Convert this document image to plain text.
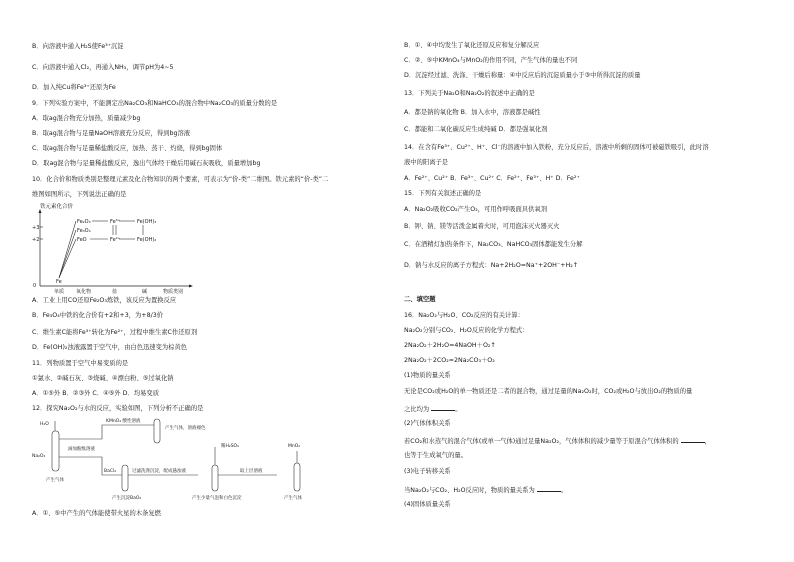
B．向溶液中通入H₂S使Fe³⁺沉淀
C．向溶液中通入Cl₂，再通入NH₃，调节pH为4~5
D．加入纯Cu将Fe³⁺还原为Fe
9．下列实验方案中，不能测定出Na₂CO₃和NaHCO₃的混合物中Na₂CO₃的质量分数的是
A．取ag混合物充分加热，质量减少bg
B．取ag混合物与足量NaOH溶液充分反应，得到bg溶液
C．取ag混合物与足量稀盐酸反应，加热、蒸干、灼烧，得到bg固体
D．取ag混合物与足量稀盐酸反应，逸出气体经干燥后用碱石灰吸收，质量增加bg
10．化合价和物质类别是整理元素及化合物知识的两个要素，可表示为“价-类”二维图。铁元素的“价-类”二
维图如图所示，下列说法正确的是
铁元素化合价
+3
+2
0
Fe₂O₃
Fe₃O₄
FeO
Fe³⁺
Fe²⁺
Fe(OH)₃
Fe(OH)₂
Fe
单质 氧化物	盐	碱	物质类别
A．工业上用CO还原Fe₂O₃炼铁，该反应为置换反应
B．Fe₃O₄中铁的化合价有+2和+3，为+8/3价
C．维生素C能将Fe³⁺转化为Fe²⁺，过程中维生素C作还原剂
D．Fe(OH)₂浊液露置于空气中，由白色迅速变为棕黄色
11．列物质置于空气中易变质的是
①氯水、②碱石灰、③烧碱、④漂白粉、⑤过氧化钠
A．①⑤外 B．②③外 C．④⑤外 D．均易变质
12．探究Na₂O₂与水的反应，实验如图，下列分析不正确的是
H₂O
Na₂O₂
产生气体
KMnO₄ 酸性溶液
产生气体，溶液褪色
滴加酚酞溶液
BaCl₂	过滤洗涤沉淀，配成悬浊液
产生沉淀BaO₂
稀H₂SO₄
产生少量气泡和白色沉淀
取上层溶液
MnO₂
产生气体
A．①、⑤中产生的气体能使带火星的木条复燃
B．①、④中均发生了氧化还原反应和复分解反应
C．②、⑤中KMnO₄与MnO₂的作用不同，产生气体的量也不同
D．沉淀经过滤、洗涤、干燥后称量：④中反应后的沉淀质量小于③中所得沉淀的质量
13．下列关于Na₂O和Na₂O₂的叙述中正确的是
A．都是钠的氧化物 B．加入水中，溶液都是碱性
C．都能和二氧化碳反应生成纯碱 D．都是强氧化剂
14．在含有Fe³⁺、Cu²⁺、H⁺、Cl⁻的溶液中加入铁粉，充分反应后，溶液中所剩的固体可被磁铁吸引，此时溶
液中的阳离子是
A．Fe²⁺、Cu²⁺ B．Fe³⁺、Cu²⁺ C．Fe²⁺、Fe³⁺、H⁺ D．Fe²⁺
15．下列有关叙述正确的是
A．Na₂O₂吸收CO₂产生O₂，可用作呼吸面具供氧剂
B．钾、钠、镁等活泼金属着火时，可用泡沫灭火器灭火
C．在酒精灯加热条件下，Na₂CO₃、NaHCO₃固体都能发生分解
D．钠与水反应的离子方程式：Na+2H₂O=Na⁺+2OH⁻+H₂↑
二、填空题
16．Na₂O₂与H₂O、CO₂反应的有关计算：
Na₂O₂分别与CO₂、H₂O反应的化学方程式：
2Na₂O₂＋2H₂O=4NaOH＋O₂↑
2Na₂O₂＋2CO₂=2Na₂CO₃＋O₂
(1)物质的量关系
无论是CO₂或H₂O的单一物质还是二者的混合物，通过足量的Na₂O₂时，CO₂或H₂O与放出O₂的物质的量
之比均为	。
(2)气体体积关系
若CO₂和水蒸气的混合气体(或单一气体)通过足量Na₂O₂，气体体积的减少量等于原混合气体体积的	，
也等于生成氧气的量。
(3)电子转移关系
当Na₂O₂与CO₂、H₂O反应时，物质的量关系为	。
(4)固体质量关系
